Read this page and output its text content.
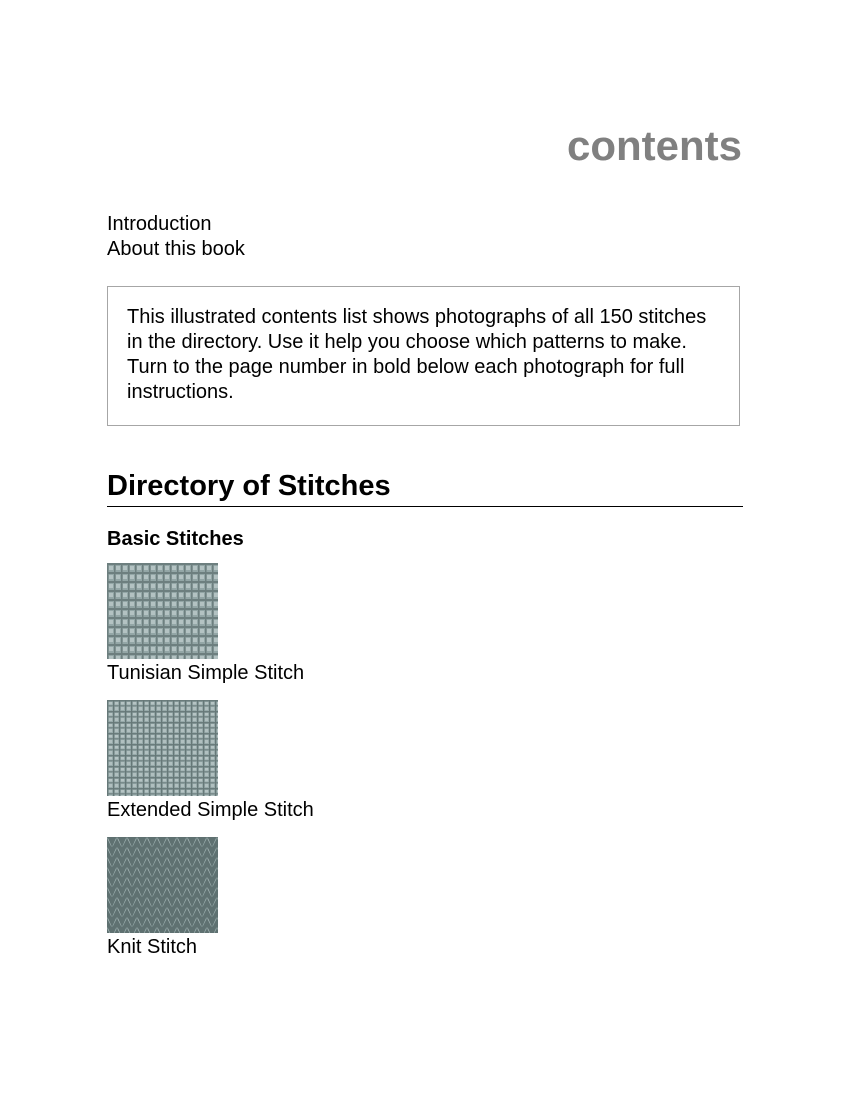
contents
Introduction
About this book

This illustrated contents list shows photographs of all 150 stitches in the directory. Use it help you choose which patterns to make. Turn to the page number in bold below each photograph for full instructions.

Directory of Stitches
Basic Stitches
Tunisian Simple Stitch
Extended Simple Stitch
Knit Stitch
